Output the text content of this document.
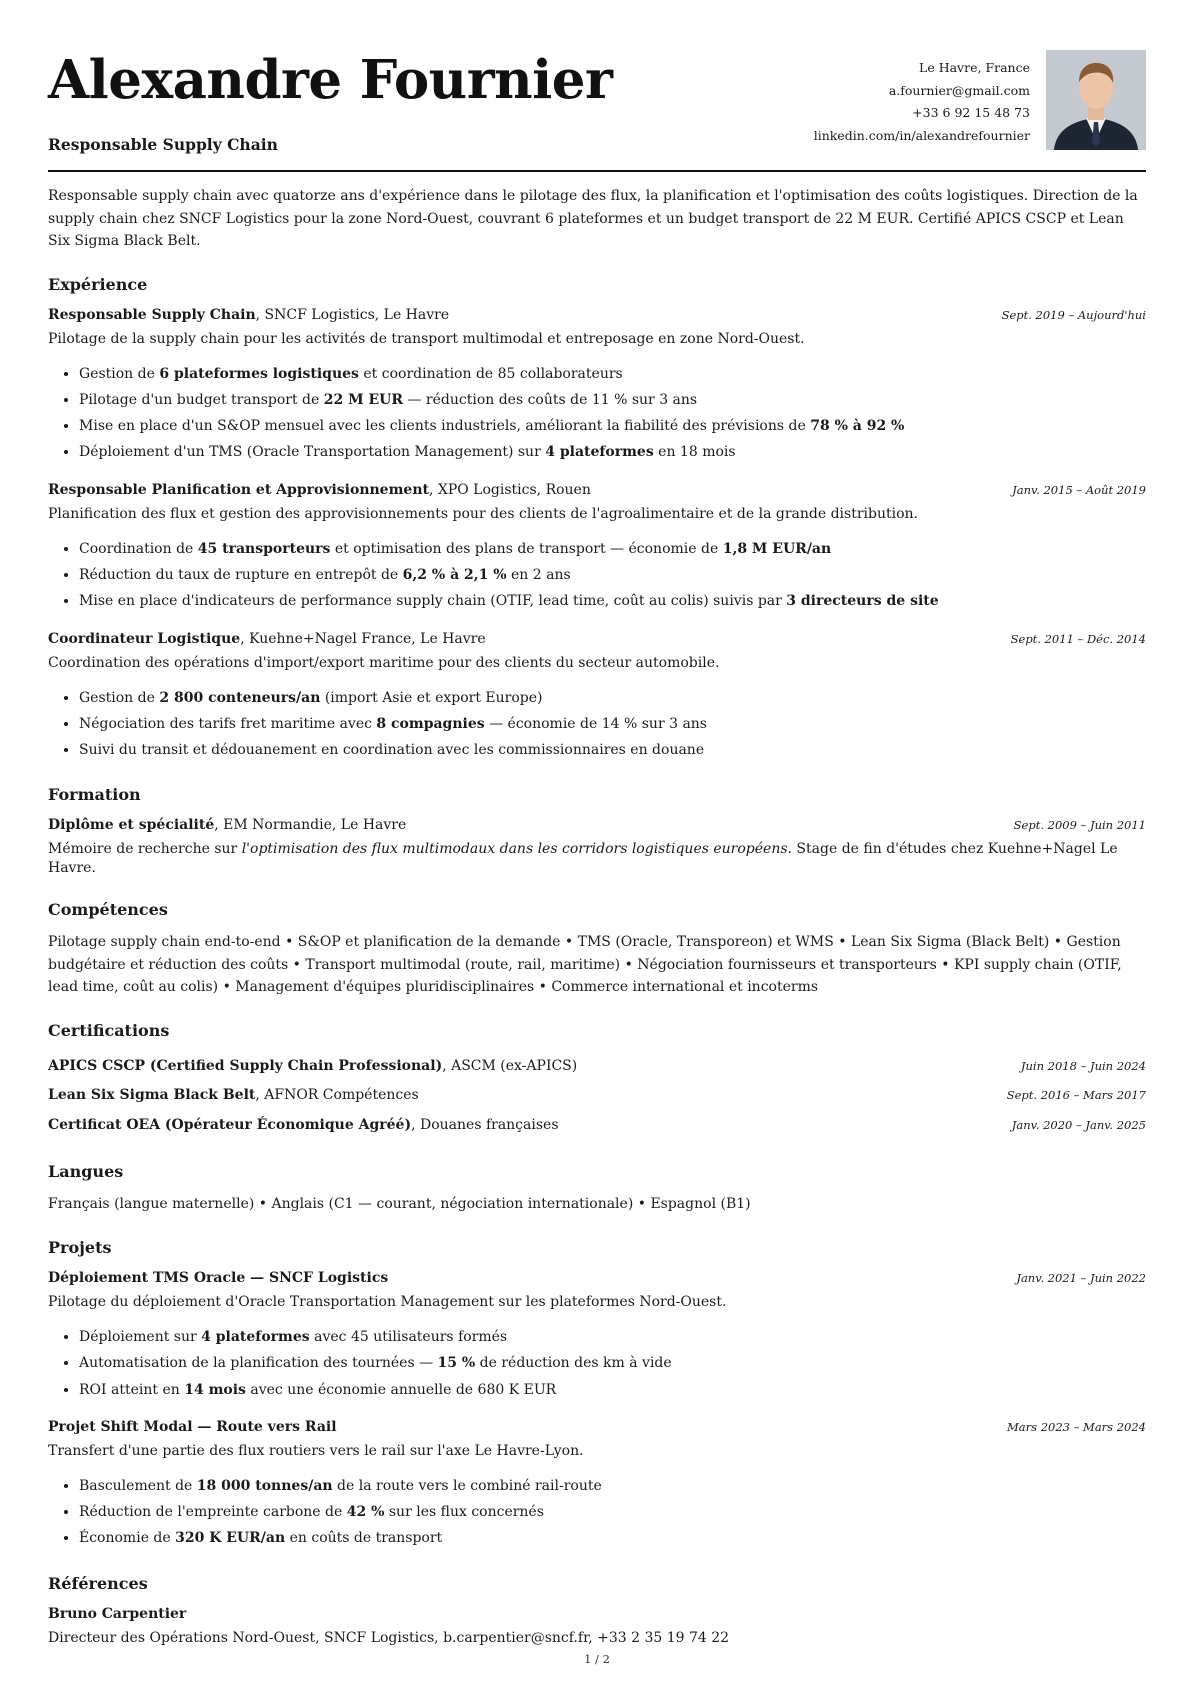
Alexandre Fournier
Responsable Supply Chain
Le Havre, France
a.fournier@gmail.com
+33 6 92 15 48 73
linkedin.com/in/alexandrefournier

Responsable supply chain avec quatorze ans d'expérience dans le pilotage des flux, la planification et l'optimisation des coûts logistiques. Direction de la supply chain chez SNCF Logistics pour la zone Nord-Ouest, couvrant 6 plateformes et un budget transport de 22 M EUR. Certifié APICS CSCP et Lean Six Sigma Black Belt.

Expérience
Responsable Supply Chain, SNCF Logistics, Le Havre	Sept. 2019 – Aujourd'hui

Pilotage de la supply chain pour les activités de transport multimodal et entreposage en zone Nord-Ouest.

• Gestion de 6 plateformes logistiques et coordination de 85 collaborateurs
• Pilotage d'un budget transport de 22 M EUR — réduction des coûts de 11 % sur 3 ans
• Mise en place d'un S&OP mensuel avec les clients industriels, améliorant la fiabilité des prévisions de 78 % à 92 %
• Déploiement d'un TMS (Oracle Transportation Management) sur 4 plateformes en 18 mois
Responsable Planification et Approvisionnement, XPO Logistics, Rouen	Janv. 2015 – Août 2019

Planification des flux et gestion des approvisionnements pour des clients de l'agroalimentaire et de la grande distribution.

• Coordination de 45 transporteurs et optimisation des plans de transport — économie de 1,8 M EUR/an
• Réduction du taux de rupture en entrepôt de 6,2 % à 2,1 % en 2 ans
• Mise en place d'indicateurs de performance supply chain (OTIF, lead time, coût au colis) suivis par 3 directeurs de site
Coordinateur Logistique, Kuehne+Nagel France, Le Havre	Sept. 2011 – Déc. 2014

Coordination des opérations d'import/export maritime pour des clients du secteur automobile.

• Gestion de 2 800 conteneurs/an (import Asie et export Europe)
• Négociation des tarifs fret maritime avec 8 compagnies — économie de 14 % sur 3 ans
• Suivi du transit et dédouanement en coordination avec les commissionnaires en douane
Formation
Diplôme et spécialité, EM Normandie, Le Havre	Sept. 2009 – Juin 2011

Mémoire de recherche sur l'optimisation des flux multimodaux dans les corridors logistiques européens. Stage de fin d'études chez Kuehne+Nagel Le Havre.

Compétences

Pilotage supply chain end-to-end • S&OP et planification de la demande • TMS (Oracle, Transporeon) et WMS • Lean Six Sigma (Black Belt) • Gestion budgétaire et réduction des coûts • Transport multimodal (route, rail, maritime) • Négociation fournisseurs et transporteurs • KPI supply chain (OTIF, lead time, coût au colis) • Management d'équipes pluridisciplinaires • Commerce international et incoterms

Certifications
APICS CSCP (Certified Supply Chain Professional), ASCM (ex-APICS)	Juin 2018 – Juin 2024
Lean Six Sigma Black Belt, AFNOR Compétences	Sept. 2016 – Mars 2017
Certificat OEA (Opérateur Économique Agréé), Douanes françaises	Janv. 2020 – Janv. 2025
Langues

Français (langue maternelle) • Anglais (C1 — courant, négociation internationale) • Espagnol (B1)

Projets
Déploiement TMS Oracle — SNCF Logistics	Janv. 2021 – Juin 2022

Pilotage du déploiement d'Oracle Transportation Management sur les plateformes Nord-Ouest.

• Déploiement sur 4 plateformes avec 45 utilisateurs formés
• Automatisation de la planification des tournées — 15 % de réduction des km à vide
• ROI atteint en 14 mois avec une économie annuelle de 680 K EUR
Projet Shift Modal — Route vers Rail	Mars 2023 – Mars 2024

Transfert d'une partie des flux routiers vers le rail sur l'axe Le Havre-Lyon.

• Basculement de 18 000 tonnes/an de la route vers le combiné rail-route
• Réduction de l'empreinte carbone de 42 % sur les flux concernés
• Économie de 320 K EUR/an en coûts de transport
Références
Bruno Carpentier

Directeur des Opérations Nord-Ouest, SNCF Logistics, b.carpentier@sncf.fr, +33 2 35 19 74 22

1 / 2
